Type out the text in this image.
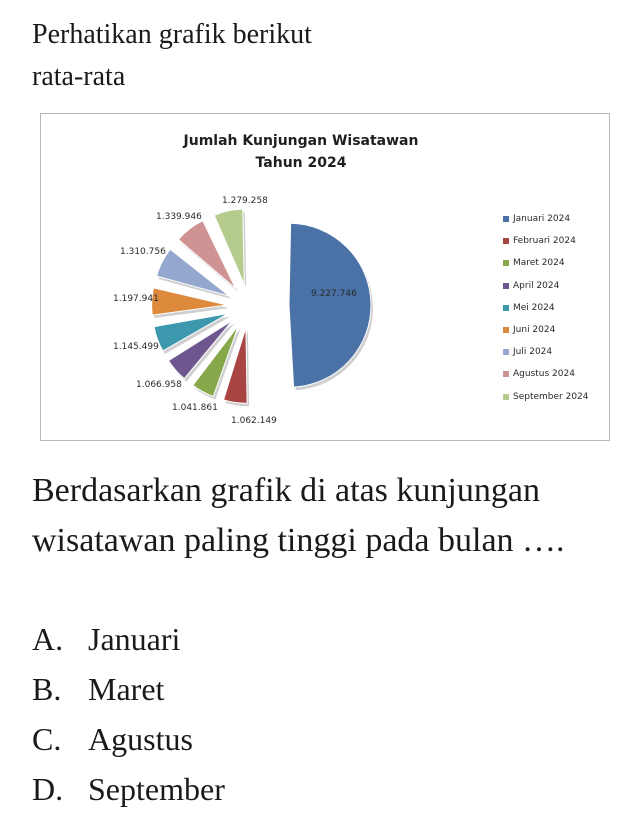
Perhatikan grafik berikut
rata-rata
Jumlah Kunjungan Wisatawan
Tahun 2024
9.227.746
1.062.149
1.041.861
1.066.958
1.145.499
1.197.941
1.310.756
1.339.946
1.279.258
Januari 2024
Februari 2024
Maret 2024
April 2024
Mei 2024
Juni 2024
Juli 2024
Agustus 2024
September 2024
Berdasarkan grafik di atas kunjungan wisatawan paling tinggi pada bulan ….
A. Januari
B. Maret
C. Agustus
D. September
